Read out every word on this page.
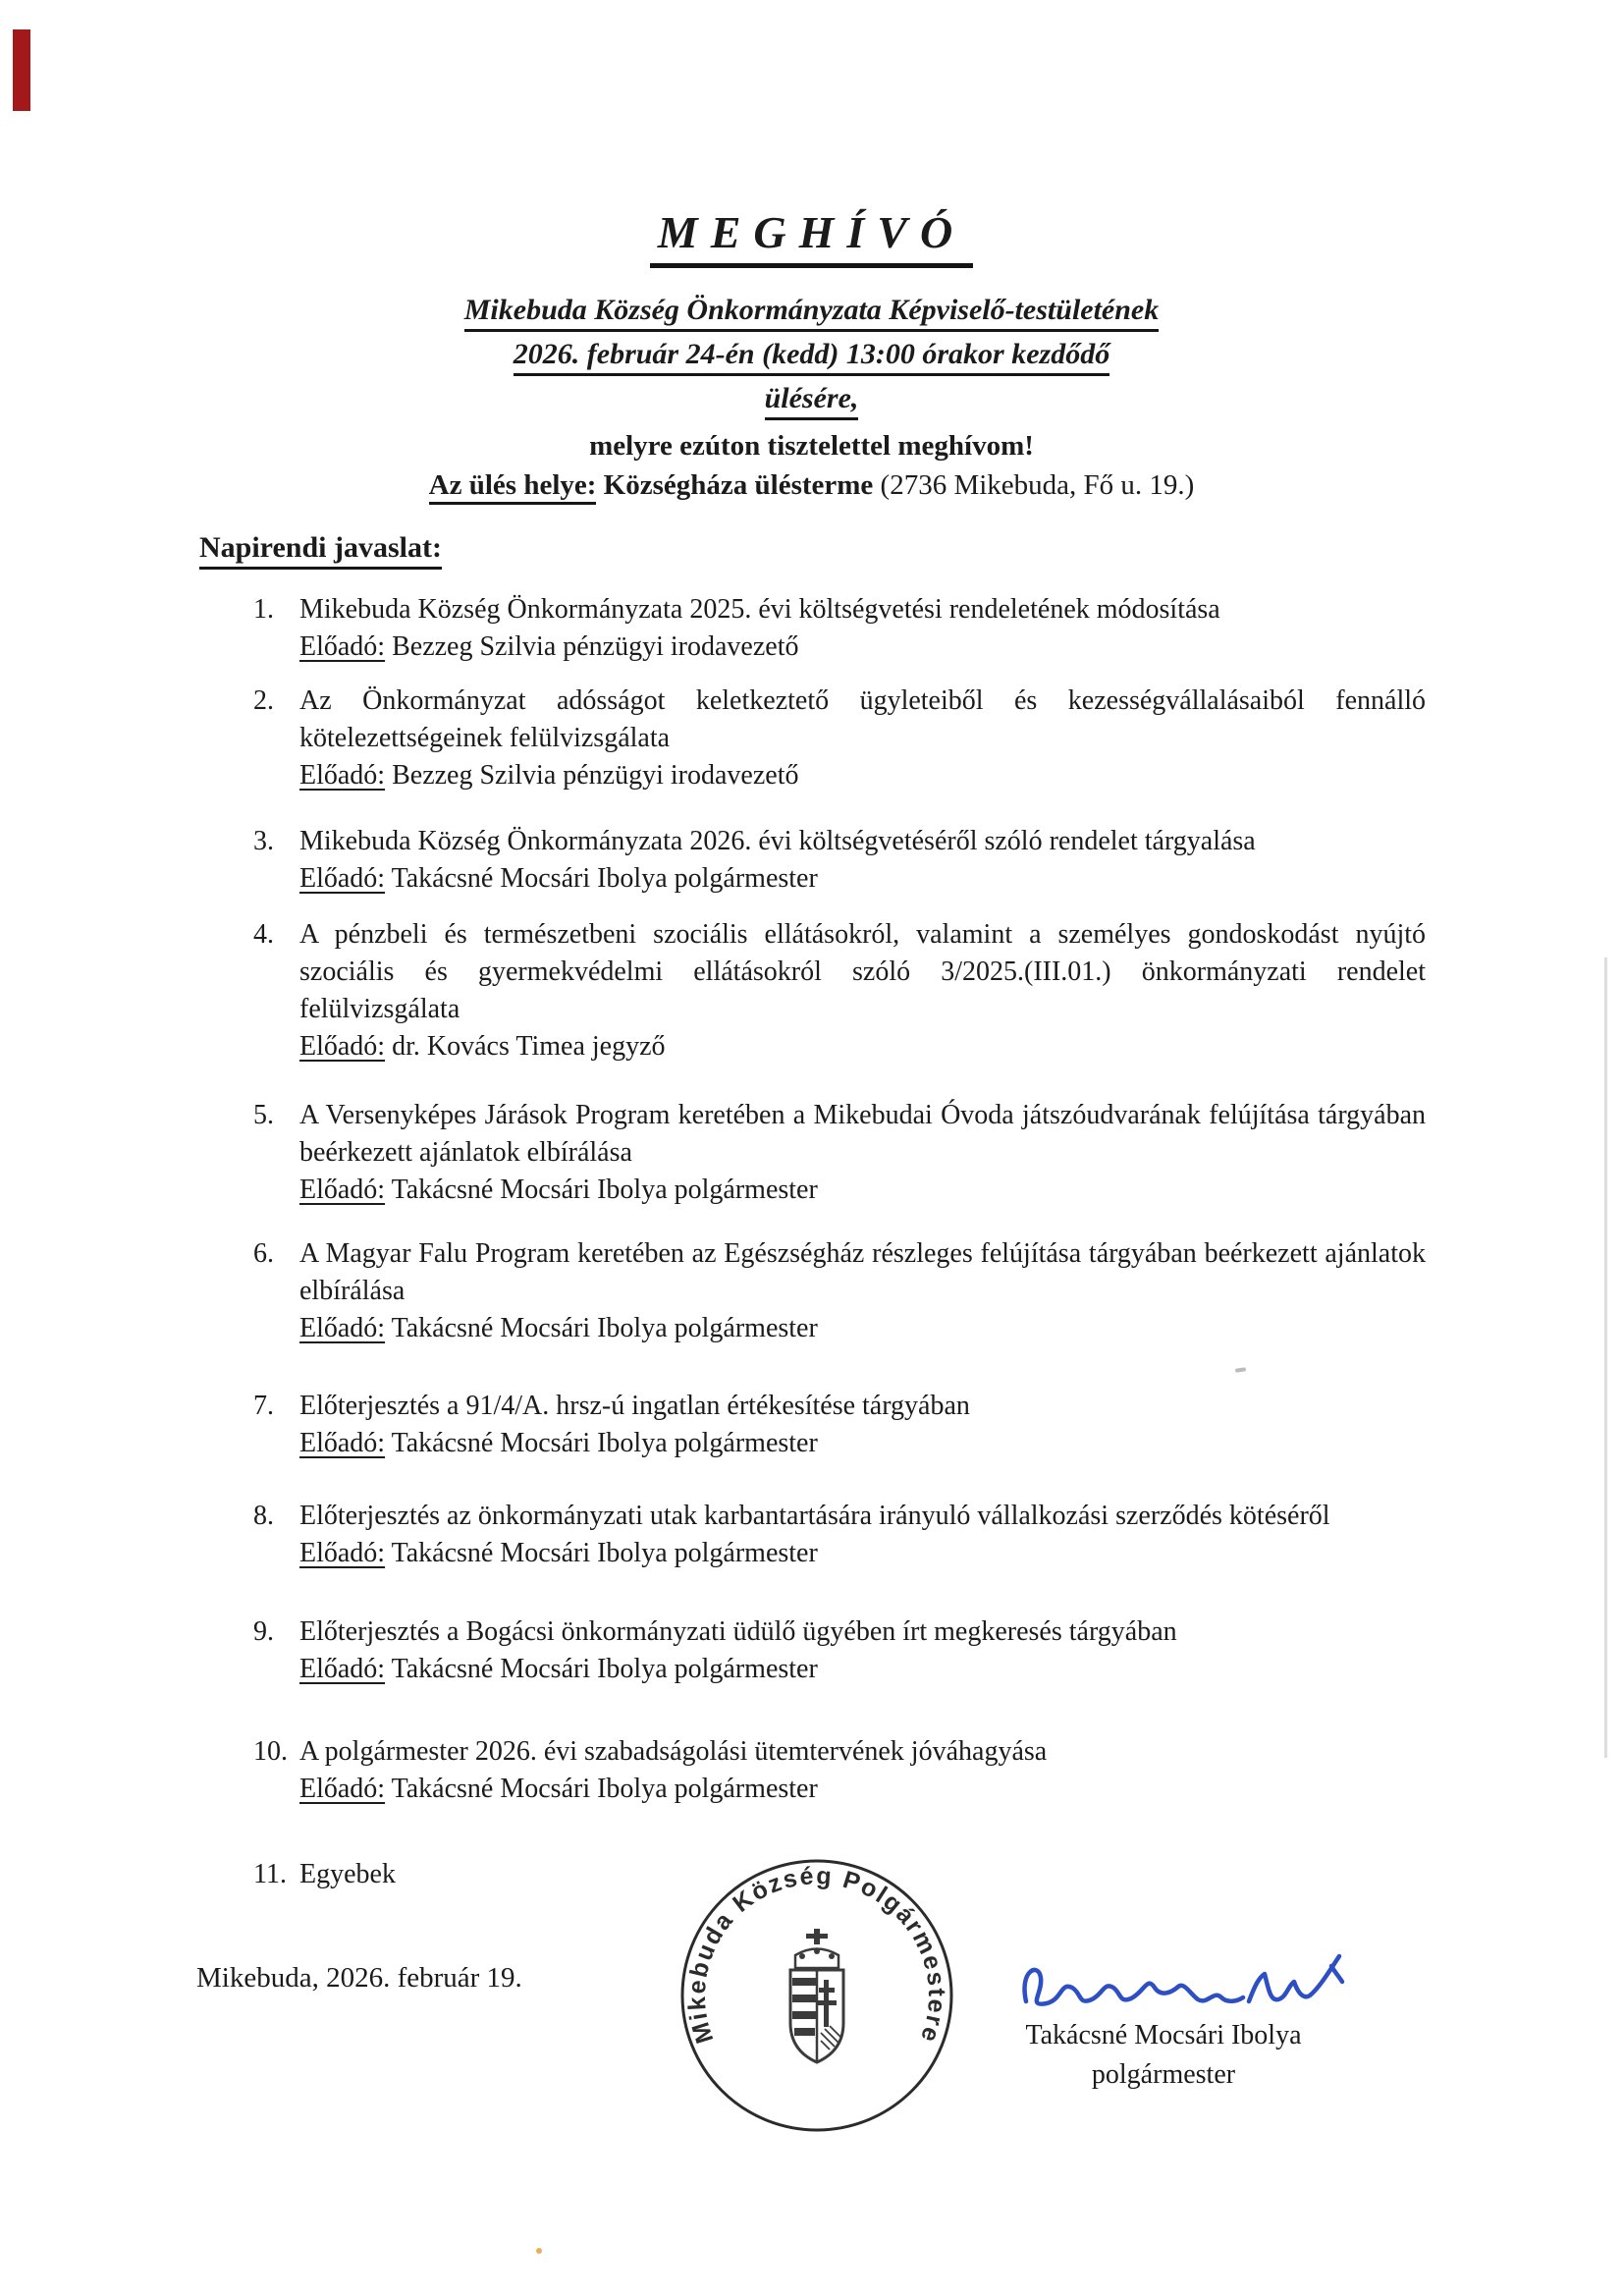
MEGHÍVÓ
Mikebuda Község Önkormányzata Képviselő-testületének
2026. február 24-én (kedd) 13:00 órakor kezdődő
ülésére,
melyre ezúton tisztelettel meghívom!
Az ülés helye: Községháza ülésterme (2736 Mikebuda, Fő u. 19.)
Napirendi javaslat:
1. Mikebuda Község Önkormányzata 2025. évi költségvetési rendeletének módosítása
Előadó: Bezzeg Szilvia pénzügyi irodavezető
2. Az Önkormányzat adósságot keletkeztető ügyleteiből és kezességvállalásaiból fennálló kötelezettségeinek felülvizsgálata
Előadó: Bezzeg Szilvia pénzügyi irodavezető
3. Mikebuda Község Önkormányzata 2026. évi költségvetéséről szóló rendelet tárgyalása
Előadó: Takácsné Mocsári Ibolya polgármester
4. A pénzbeli és természetbeni szociális ellátásokról, valamint a személyes gondoskodást nyújtó szociális és gyermekvédelmi ellátásokról szóló 3/2025.(III.01.) önkormányzati rendelet felülvizsgálata
Előadó: dr. Kovács Timea jegyző
5. A Versenyképes Járások Program keretében a Mikebudai Óvoda játszóudvarának felújítása tárgyában beérkezett ajánlatok elbírálása
Előadó: Takácsné Mocsári Ibolya polgármester
6. A Magyar Falu Program keretében az Egészségház részleges felújítása tárgyában beérkezett ajánlatok elbírálása
Előadó: Takácsné Mocsári Ibolya polgármester
7. Előterjesztés a 91/4/A. hrsz-ú ingatlan értékesítése tárgyában
Előadó: Takácsné Mocsári Ibolya polgármester
8. Előterjesztés az önkormányzati utak karbantartására irányuló vállalkozási szerződés kötéséről
Előadó: Takácsné Mocsári Ibolya polgármester
9. Előterjesztés a Bogácsi önkormányzati üdülő ügyében írt megkeresés tárgyában
Előadó: Takácsné Mocsári Ibolya polgármester
10. A polgármester 2026. évi szabadságolási ütemtervének jóváhagyása
Előadó: Takácsné Mocsári Ibolya polgármester
11. Egyebek
Mikebuda, 2026. február 19.
Mikebuda Község Polgármestere	Takácsné Mocsári Ibolya
polgármester
